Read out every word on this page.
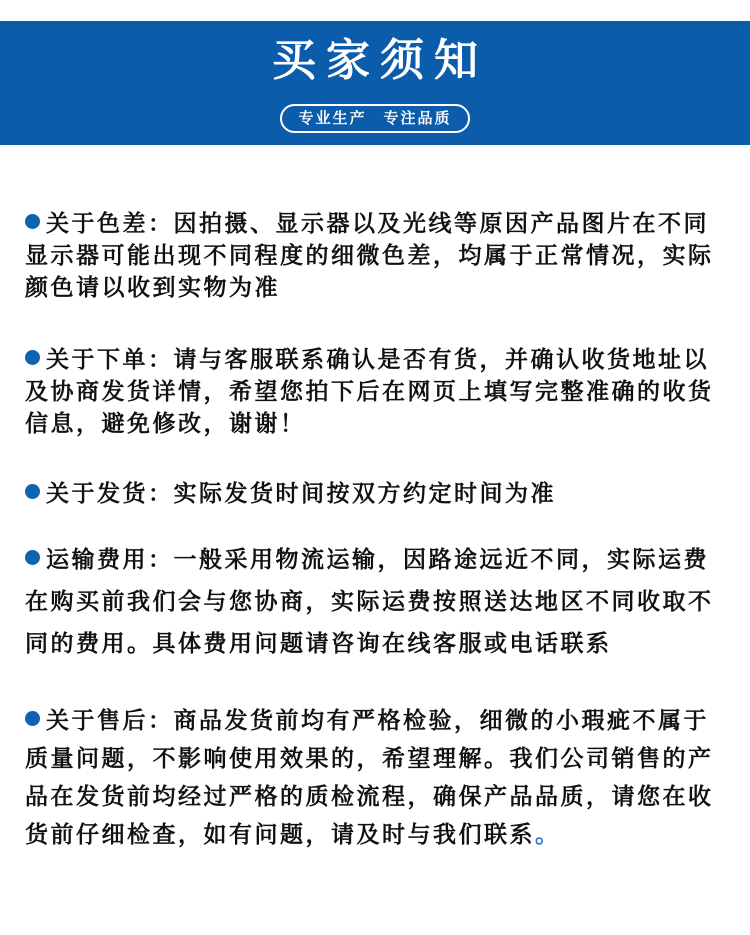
买家须知
专业生产　专注品质
关于色差：因拍摄、显示器以及光线等原因产品图片在不同
显示器可能出现不同程度的细微色差，均属于正常情况，实际
颜色请以收到实物为准
关于下单：请与客服联系确认是否有货，并确认收货地址以
及协商发货详情，希望您拍下后在网页上填写完整准确的收货
信息，避免修改，谢谢！
关于发货：实际发货时间按双方约定时间为准
运输费用：一般采用物流运输，因路途远近不同，实际运费
在购买前我们会与您协商，实际运费按照送达地区不同收取不
同的费用。具体费用问题请咨询在线客服或电话联系
关于售后：商品发货前均有严格检验，细微的小瑕疵不属于
质量问题，不影响使用效果的，希望理解。我们公司销售的产
品在发货前均经过严格的质检流程，确保产品品质，请您在收
货前仔细检查，如有问题，请及时与我们联系。
